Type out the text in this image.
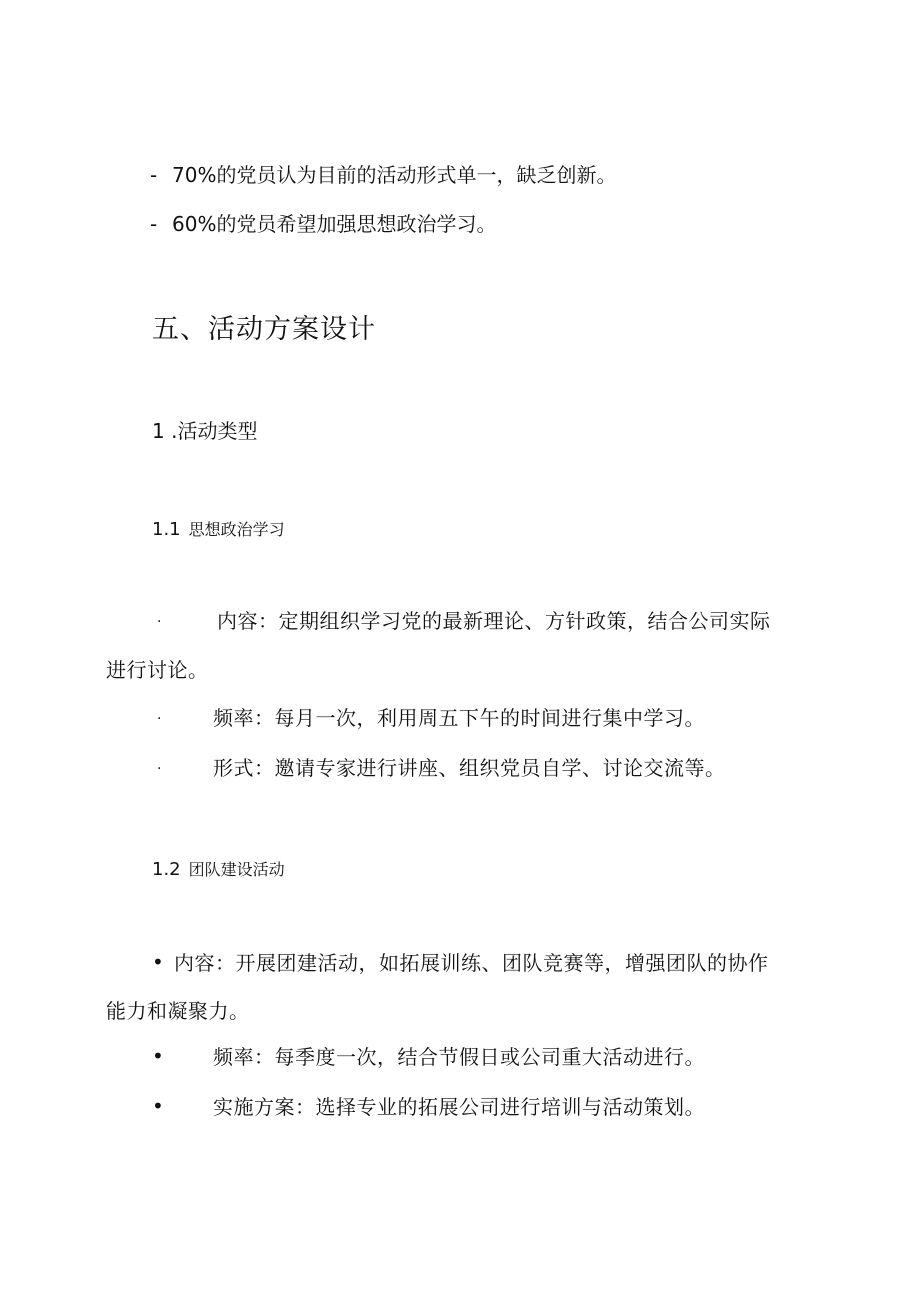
- 70%的党员认为目前的活动形式单一，缺乏创新。
- 60%的党员希望加强思想政治学习。
五、活动方案设计
1 .活动类型
1.1 思想政治学习
·	内容：定期组织学习党的最新理论、方针政策，结合公司实际
进行讨论。
·	频率：每月一次，利用周五下午的时间进行集中学习。
·	形式：邀请专家进行讲座、组织党员自学、讨论交流等。
1.2 团队建设活动
• 内容：开展团建活动，如拓展训练、团队竞赛等，增强团队的协作
能力和凝聚力。
• 频率：每季度一次，结合节假日或公司重大活动进行。
• 实施方案：选择专业的拓展公司进行培训与活动策划。
